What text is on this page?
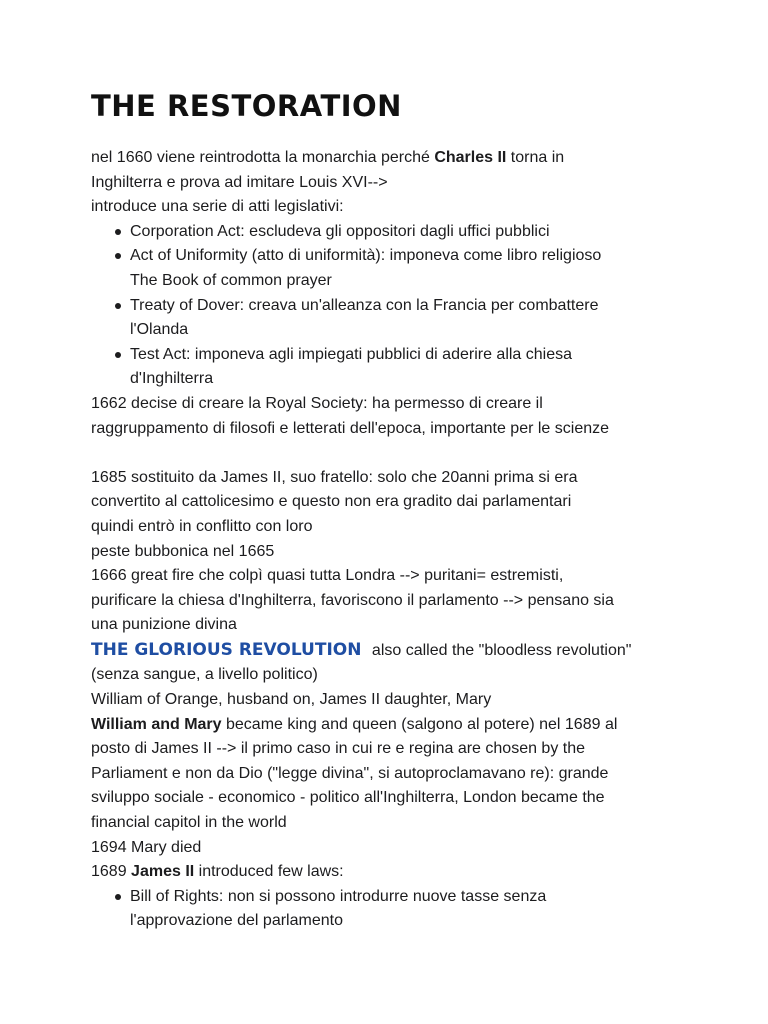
THE RESTORATION

nel 1660 viene reintrodotta la monarchia perché Charles II torna in

Inghilterra e prova ad imitare Louis XVI-->

introduce una serie di atti legislativi:

Corporation Act: escludeva gli oppositori dagli uffici pubblici
Act of Uniformity (atto di uniformità): imponeva come libro religioso
The Book of common prayer
Treaty of Dover: creava un'alleanza con la Francia per combattere
l'Olanda
Test Act: imponeva agli impiegati pubblici di aderire alla chiesa
d'Inghilterra

1662 decise di creare la Royal Society: ha permesso di creare il

raggruppamento di filosofi e letterati dell'epoca, importante per le scienze

1685 sostituito da James II, suo fratello: solo che 20anni prima si era

convertito al cattolicesimo e questo non era gradito dai parlamentari

quindi entrò in conflitto con loro

peste bubbonica nel 1665

1666 great fire che colpì quasi tutta Londra --> puritani= estremisti,

purificare la chiesa d'Inghilterra, favoriscono il parlamento --> pensano sia

una punizione divina

THE GLORIOUS REVOLUTION also called the "bloodless revolution"

(senza sangue, a livello politico)

William of Orange, husband on, James II daughter, Mary

William and Mary became king and queen (salgono al potere) nel 1689 al

posto di James II --> il primo caso in cui re e regina are chosen by the

Parliament e non da Dio ("legge divina", si autoproclamavano re): grande

sviluppo sociale - economico - politico all'Inghilterra, London became the

financial capitol in the world

1694 Mary died

1689 James II introduced few laws:

Bill of Rights: non si possono introdurre nuove tasse senza
l'approvazione del parlamento
